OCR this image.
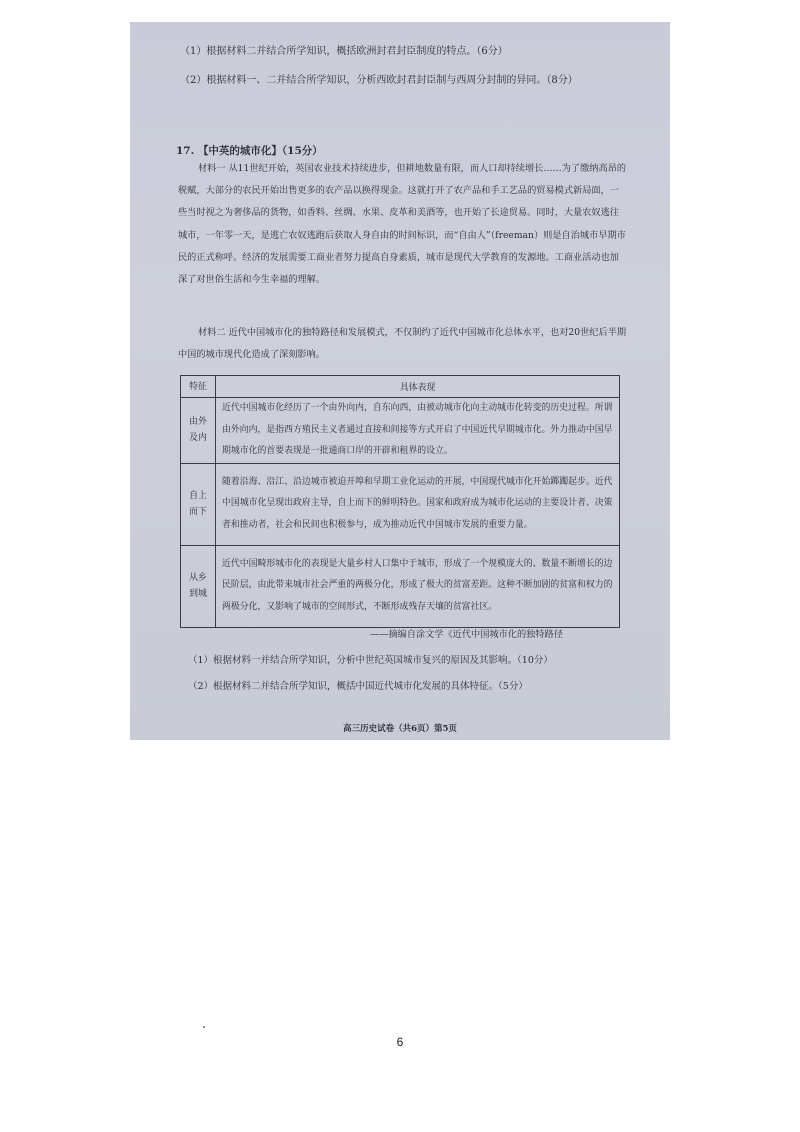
（1）根据材料二并结合所学知识，概括欧洲封君封臣制度的特点。（6分）
（2）根据材料一、二并结合所学知识，分析西欧封君封臣制与西周分封制的异同。（8分）
17. 【中英的城市化】（15分）
材料一 从11世纪开始，英国农业技术持续进步，但耕地数量有限，而人口却持续增长……为了缴纳高昂的税赋，大部分的农民开始出售更多的农产品以换得现金。这就打开了农产品和手工艺品的贸易模式新局面，一些当时视之为奢侈品的货物，如香料、丝绸、水果、皮革和美酒等，也开始了长途贸易。同时，大量农奴逃往城市，一年零一天，是逃亡农奴逃跑后获取人身自由的时间标识，而“自由人”（freeman）则是自治城市早期市民的正式称呼。经济的发展需要工商业者努力提高自身素质，城市是现代大学教育的发源地。工商业活动也加深了对世俗生活和今生幸福的理解。
材料二 近代中国城市化的独特路径和发展模式，不仅制约了近代中国城市化总体水平，也对20世纪后半期中国的城市现代化造成了深刻影响。
特征	具体表现
由外及内	近代中国城市化经历了一个由外向内，自东向西，由被动城市化向主动城市化转变的历史过程。所谓由外向内，是指西方殖民主义者通过直接和间接等方式开启了中国近代早期城市化。外力推动中国早期城市化的首要表现是一批通商口岸的开辟和租界的设立。
自上而下	随着沿海、沿江、沿边城市被迫开埠和早期工业化运动的开展，中国现代城市化开始踯躅起步。近代中国城市化呈现出政府主导，自上而下的鲜明特色。国家和政府成为城市化运动的主要设计者、决策者和推动者，社会和民间也积极参与，成为推动近代中国城市发展的重要力量。
从乡到城	近代中国畸形城市化的表现是大量乡村人口集中于城市，形成了一个规模庞大的、数量不断增长的边民阶层，由此带来城市社会严重的两极分化，形成了极大的贫富差距。这种不断加剧的贫富和权力的两极分化，又影响了城市的空间形式，不断形成残存天壤的贫富社区。
——摘编自涂文学《近代中国城市化的独特路径
（1）根据材料一并结合所学知识，分析中世纪英国城市复兴的原因及其影响。（10分）
（2）根据材料二并结合所学知识，概括中国近代城市化发展的具体特征。（5分）
高三历史试卷（共6页）第5页
6
